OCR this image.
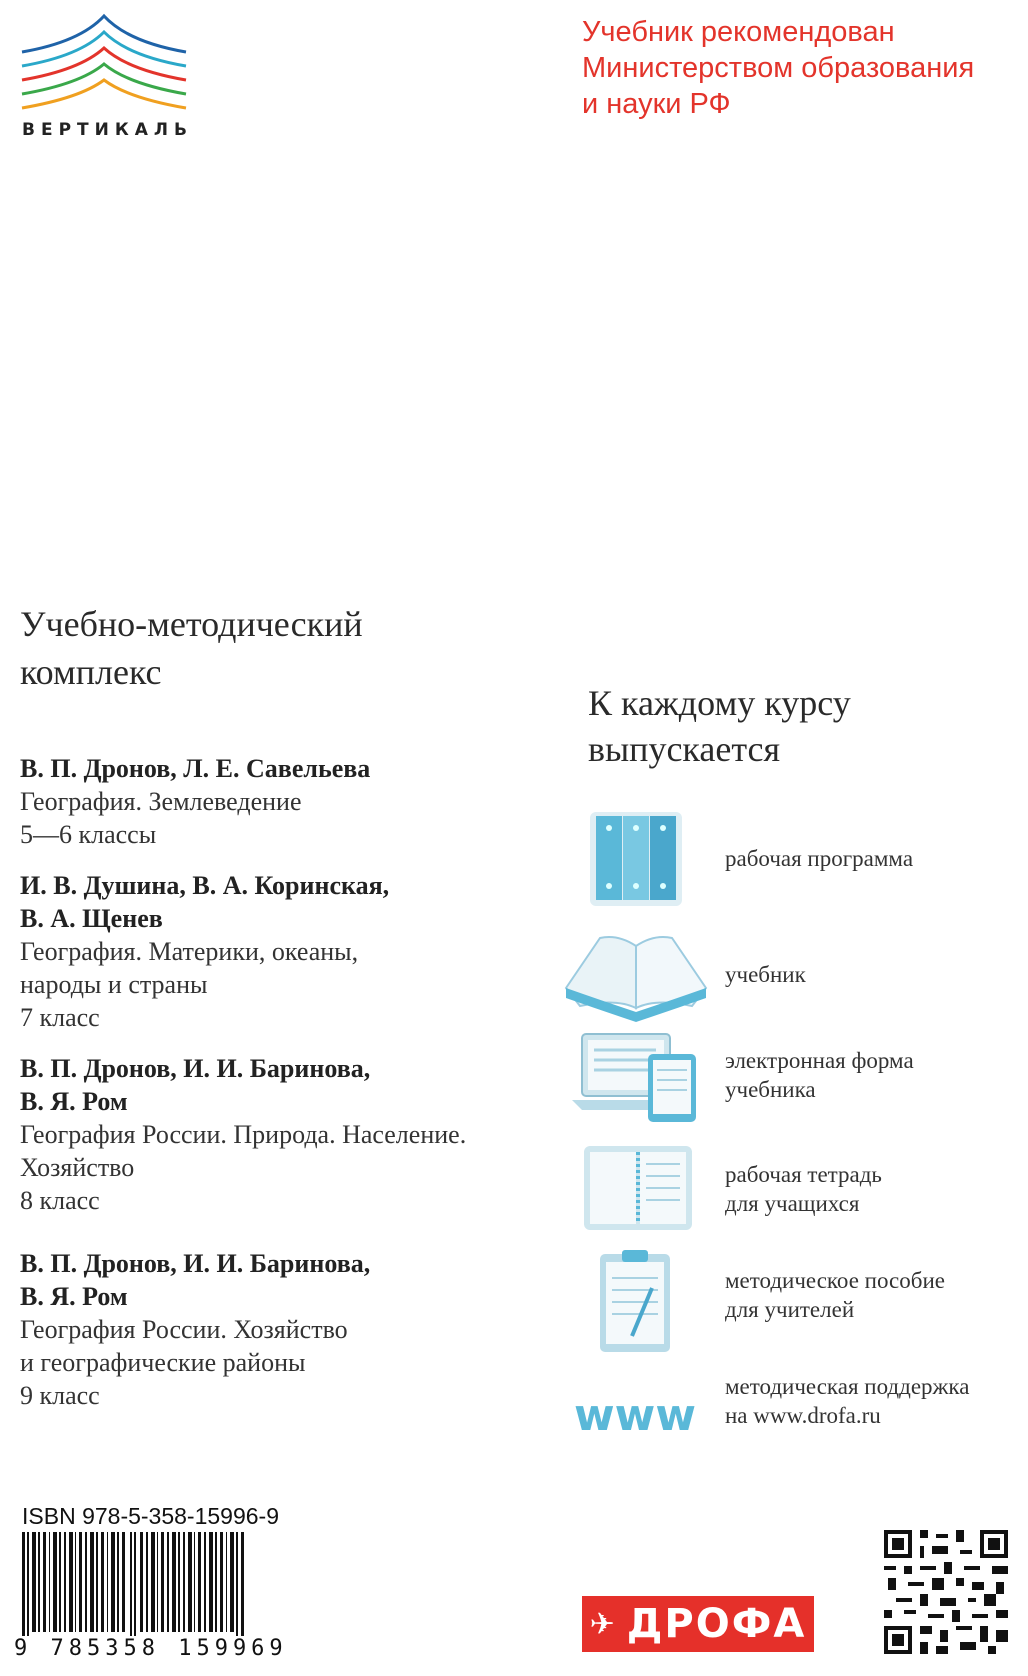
ВЕРТИКАЛЬ
Учебник рекомендован
Министерством образования
и науки РФ
Учебно-методический
комплекс
В. П. Дронов, Л. Е. Савельева
География. Землеведение
5—6 классы
И. В. Душина, В. А. Коринская,
В. А. Щенев
География. Материки, океаны,
народы и страны
7 класс
В. П. Дронов, И. И. Баринова,
В. Я. Ром
География России. Природа. Население.
Хозяйство
8 класс
В. П. Дронов, И. И. Баринова,
В. Я. Ром
География России. Хозяйство
и географические районы
9 класс
К каждому курсу
выпускается
рабочая программа
учебник
электронная форма
учебника
рабочая тетрадь
для учащихся
методическое пособие
для учителей
www
методическая поддержка
на www.drofa.ru
ISBN 978-5-358-15996-9
9 785358 159969
✈ ДРОФА
